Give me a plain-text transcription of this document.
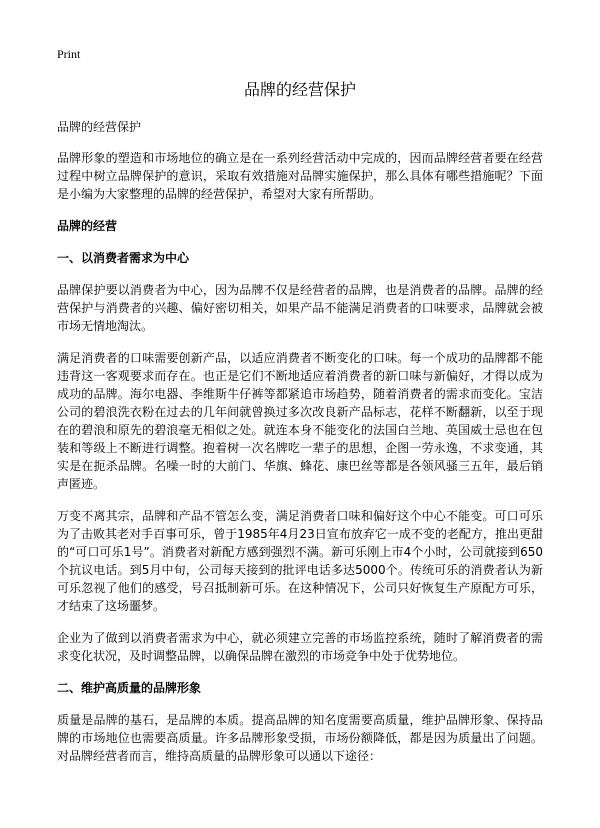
Print
品牌的经营保护
品牌的经营保护

品牌形象的塑造和市场地位的确立是在一系列经营活动中完成的，因而品牌经营者要在经营过程中树立品牌保护的意识，采取有效措施对品牌实施保护，那么具体有哪些措施呢？下面是小编为大家整理的品牌的经营保护，希望对大家有所帮助。

品牌的经营
一、以消费者需求为中心

品牌保护要以消费者为中心，因为品牌不仅是经营者的品牌，也是消费者的品牌。品牌的经营保护与消费者的兴趣、偏好密切相关，如果产品不能满足消费者的口味要求，品牌就会被市场无情地淘汰。

满足消费者的口味需要创新产品，以适应消费者不断变化的口味。每一个成功的品牌都不能违背这一客观要求而存在。也正是它们不断地适应着消费者的新口味与新偏好，才得以成为成功的品牌。海尔电器、李维斯牛仔裤等都紧追市场趋势，随着消费者的需求而变化。宝洁公司的碧浪洗衣粉在过去的几年间就曾换过多次改良新产品标志，花样不断翻新，以至于现在的碧浪和原先的碧浪毫无相似之处。就连本身不能变化的法国白兰地、英国威士忌也在包装和等级上不断进行调整。抱着树一次名牌吃一辈子的思想，企图一劳永逸，不求变通，其实是在扼杀品牌。名噪一时的大前门、华旗、蜂花、康巴丝等都是各领风骚三五年，最后销声匿迹。

万变不离其宗，品牌和产品不管怎么变，满足消费者口味和偏好这个中心不能变。可口可乐为了击败其老对手百事可乐，曾于1985年4月23日宣布放弃它一成不变的老配方，推出更甜的“可口可乐1号”。消费者对新配方感到强烈不满。新可乐刚上市4个小时，公司就接到650个抗议电话。到5月中旬，公司每天接到的批评电话多达5000个。传统可乐的消费者认为新可乐忽视了他们的感受，号召抵制新可乐。在这种情况下，公司只好恢复生产原配方可乐，才结束了这场噩梦。

企业为了做到以消费者需求为中心，就必须建立完善的市场监控系统，随时了解消费者的需求变化状况，及时调整品牌，以确保品牌在激烈的市场竞争中处于优势地位。

二、维护高质量的品牌形象

质量是品牌的基石，是品牌的本质。提高品牌的知名度需要高质量，维护品牌形象、保持品牌的市场地位也需要高质量。许多品牌形象受损，市场份额降低，都是因为质量出了问题。对品牌经营者而言，维持高质量的品牌形象可以通以下途径：
